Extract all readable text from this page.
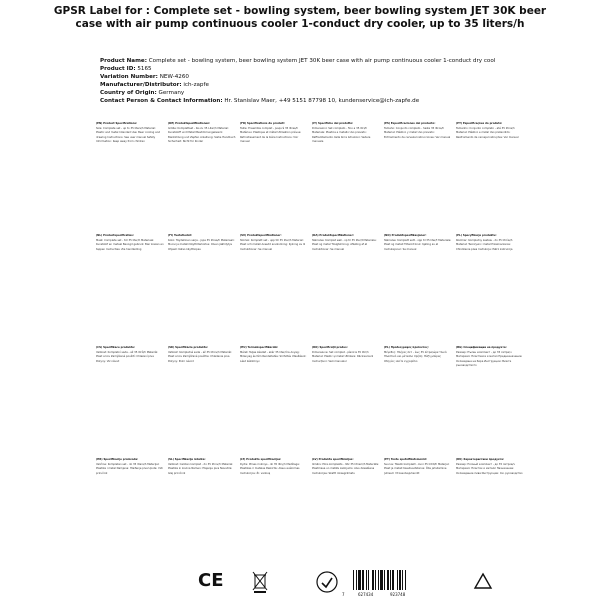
GPSR Label for : Complete set - bowling system, beer bowling system JET 30K beer case with air pump continuous cooler 1-conduct dry cooler, up to 35 liters/h
Product Name: Complete set - bowling system, beer bowling system JET 30K beer case with air pump continuous cooler 1-conduct dry cool
Product ID: 5165
Variation Number: NEW-4260
Manufacturer/Distributor: ich-zapfe
Country of Origin: Germany
Contact Person & Contact Information: Hr. Stanislav Maer, +49 5151 87798 10, kundenservice@ich-zapfe.de
(EN) Product Specifications:
Size: Complete set - up to 35 liters/h Material: Plastic and metal Intended Use: Beer cooling and drawing Instructions: See user manual Safety Information: Keep away from children
(DE) Produktspezifikationen:
Größe: Komplettset - bis zu 35 Liter/h Material: Kunststoff und Metall Bestimmungszweck: Bierkühlung und Zapfen Anleitung: Siehe Handbuch Sicherheit: Nicht für Kinder
(FR) Spécifications du produit:
Taille: Ensemble complet - jusqu'à 35 litres/h Matériau: Plastique et métal Utilisation prévue: Refroidissement de la bière Instructions: Voir manuel
(IT) Specifiche del prodotto:
Dimensioni: Set completo - fino a 35 litri/h Materiale: Plastica e metallo Uso previsto: Raffreddamento della birra Istruzioni: Vedere manuale
(ES) Especificaciones del producto:
Tamaño: Conjunto completo - hasta 35 litros/h Material: Plástico y metal Uso previsto: Enfriamiento de cerveza Instrucciones: Ver manual
(PT) Especificações do produto:
Tamanho: Conjunto completo - até 35 litros/h Material: Plástico e metal Uso pretendido: Resfriamento de cerveja Instruções: Ver manual
(NL) Productspecificaties:
Maat: Complete set - tot 35 liter/h Materiaal: Kunststof en metaal Beoogd gebruik: Bier koelen en tappen Instructies: Zie handleiding
(FI) Tuotetiedot:
Koko: Täydellinen sarja - jopa 35 litraa/h Materiaali: Muovi ja metalli Käyttötarkoitus: Oluen jäähdytys Ohjeet: Katso käyttöopas
(SV) Produktspecifikationer:
Storlek: Komplett set - upp till 35 liter/h Material: Plast och metall Avsedd användning: Kylning av öl Instruktioner: Se manual
(DA) Produktspecifikationer:
Størrelse: Komplet sæt - op til 35 liter/t Materiale: Plast og metal Tilsigtet brug: Afkøling af øl Instruktioner: Se manual
(NO) Produktspesifikasjoner:
Størrelse: Komplett sett - opp til 35 liter/t Materiale: Plast og metall Tiltenkt bruk: Kjøling av øl Instruksjoner: Se manual
(PL) Specyfikacje produktu:
Rozmiar: Kompletny zestaw - do 35 litrów/h Materiał: Tworzywo i metal Przeznaczenie: Chłodzenie piwa Instrukcje: Patrz instrukcja
(CS) Specifikace produktu:
Velikost: Kompletní sada - až 35 litrů/h Materiál: Plast a kov Zamýšlené použití: Chlazení piva Pokyny: Viz návod
(SK) Špecifikácie produktu:
Veľkosť: Kompletná sada - až 35 litrov/h Materiál: Plast a kov Zamýšľané použitie: Chladenie piva Pokyny: Pozri návod
(HU) Termékspecifikációk:
Méret: Teljes készlet - akár 35 liter/óra Anyag: Műanyag és fém Rendeltetés: Sörhűtés Utasítások: Lásd kézikönyv
(RO) Specificații produs:
Dimensiune: Set complet - până la 35 litri/h Material: Plastic și metal Utilizare: Răcirea berii Instrucțiuni: Vezi manualul
(EL) Προδιαγραφές προϊόντος:
Μέγεθος: Πλήρες σετ - έως 35 λίτρα/ώρα Υλικό: Πλαστικό και μέταλλο Χρήση: Ψύξη μπύρας Οδηγίες: Δείτε εγχειρίδιο
(BG) Спецификации на продукта:
Размер: Пълен комплект - до 35 литра/ч Материал: Пластмаса и метал Предназначение: Охлаждане на бира Инструкции: Вижте ръководството
(HR) Specifikacije proizvoda:
Veličina: Kompletan set - do 35 litara/h Materijal: Plastika i metal Namjena: Hlađenje piva Upute: Vidi priručnik
(SL) Specifikacije izdelka:
Velikost: Celoten komplet - do 35 litrov/h Material: Plastika in kovina Namen: Hlajenje piva Navodila: Glej priročnik
(LT) Produkto specifikacijos:
Dydis: Pilnas rinkinys - iki 35 litrų/h Medžiaga: Plastikas ir metalas Paskirtis: Alaus aušinimas Instrukcijos: Žr. vadovą
(LV) Produkta specifikācijas:
Izmērs: Pilns komplekts - līdz 35 litriem/h Materiāls: Plastmasa un metāls Lietojums: Alus dzesēšana Instrukcijas: Skatīt rokasgrāmatu
(ET) Toote spetsifikatsioonid:
Suurus: Täielik komplekt - kuni 35 liitrit/h Materjal: Plast ja metall Kasutusotstarve: Õlle jahutamine Juhised: Vt kasutusjuhendit
(RU) Характеристики продукта:
Размер: Полный комплект - до 35 литров/ч Материал: Пластик и металл Назначение: Охлаждение пива Инструкции: См. руководство
CE
7	627434	923748
